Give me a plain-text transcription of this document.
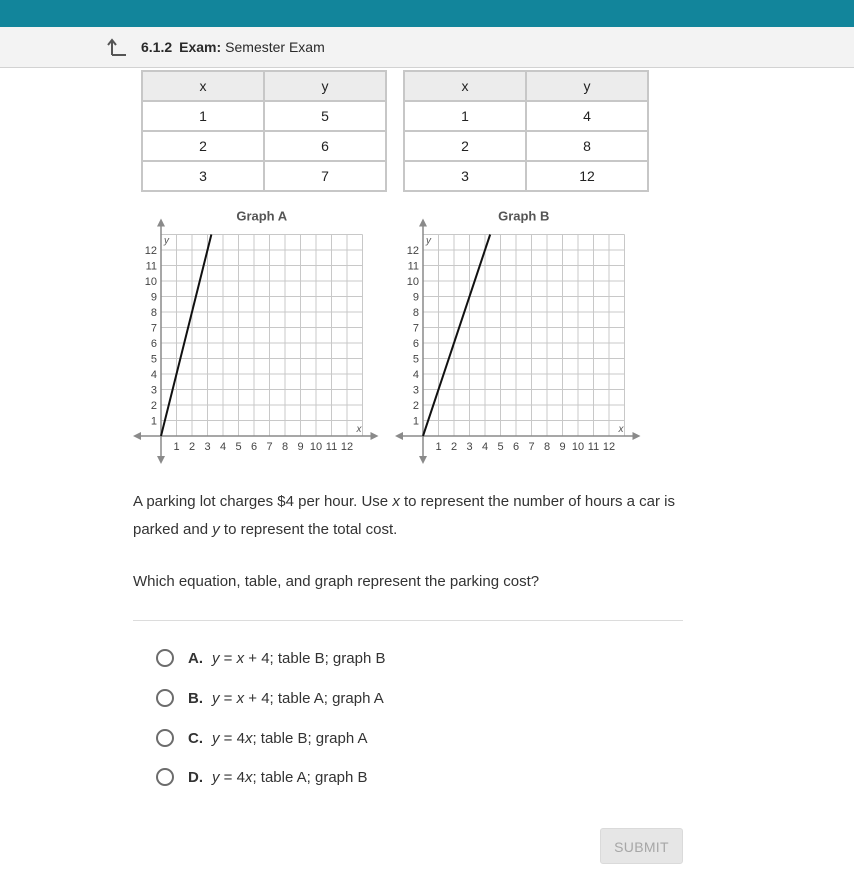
6.1.2 Exam: Semester Exam
x	y
1	5
2	6
3	7
x	y
1	4
2	8
3	12
1 2 3 4 5 6 7 8 9 10 11 12
1
2
3
4
5
6
7
8
9
10
11
12
x
y
Graph A
1 2 3 4 5 6 7 8 9 10 11 12
1
2
3
4
5
6
7
8
9
10
11
12
x
y
Graph B
A parking lot charges $4 per hour. Use x to represent the number of hours a car is parked and y to represent the total cost.
Which equation, table, and graph represent the parking cost?
A. y = x + 4; table B; graph B
B. y = x + 4; table A; graph A
C. y = 4x; table B; graph A
D. y = 4x; table A; graph B
SUBMIT
